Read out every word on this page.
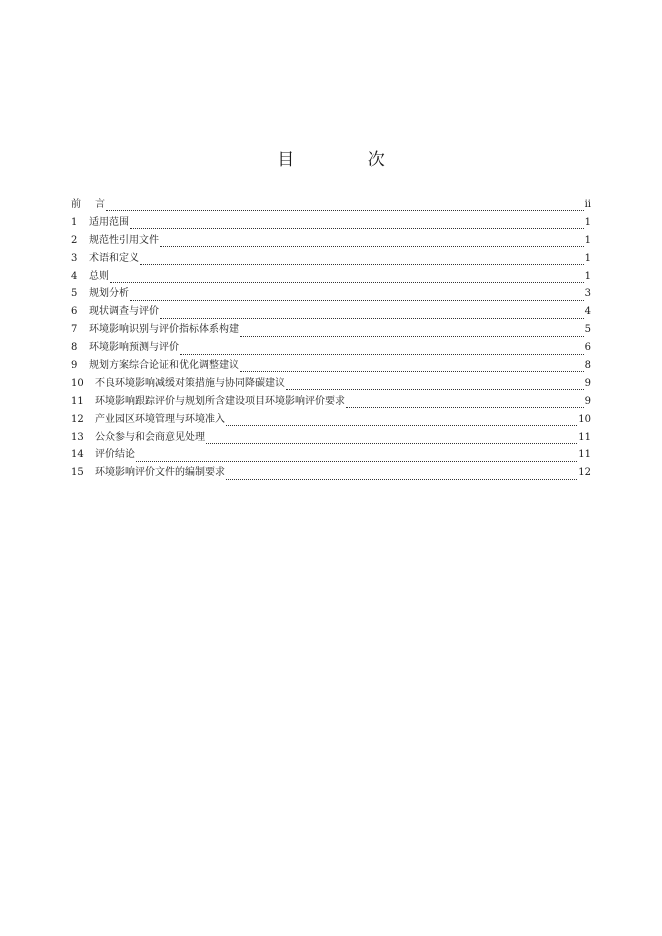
目 次
前	言	ii
1	适用范围	1
2	规范性引用文件	1
3	术语和定义	1
4	总则	1
5	规划分析	3
6	现状调查与评价	4
7	环境影响识别与评价指标体系构建	5
8	环境影响预测与评价	6
9	规划方案综合论证和优化调整建议	8
10	不良环境影响减缓对策措施与协同降碳建议	9
11	环境影响跟踪评价与规划所含建设项目环境影响评价要求	9
12	产业园区环境管理与环境准入	10
13	公众参与和会商意见处理	11
14	评价结论	11
15	环境影响评价文件的编制要求	12
